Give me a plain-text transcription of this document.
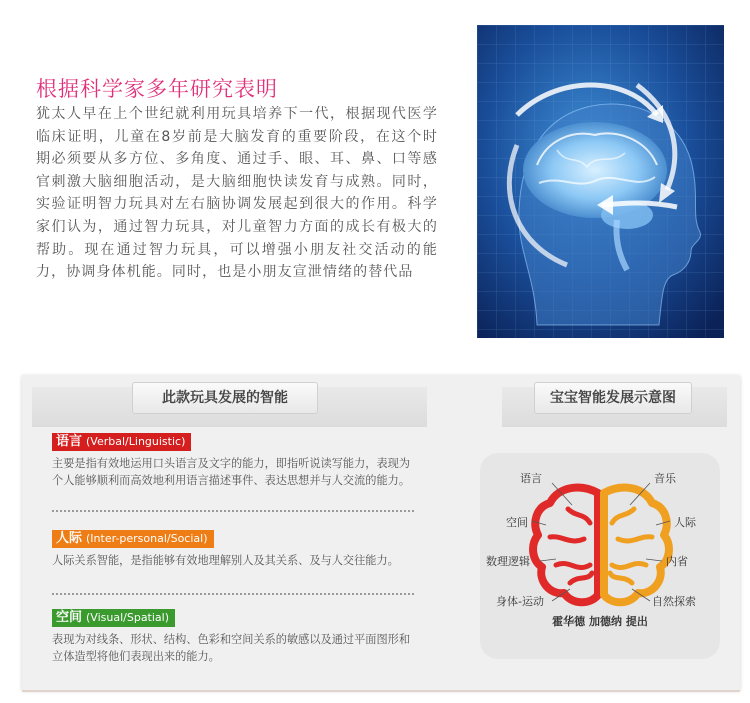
根据科学家多年研究表明
犹太人早在上个世纪就利用玩具培养下一代，根据现代医学临床证明，儿童在8岁前是大脑发育的重要阶段，在这个时期必须要从多方位、多角度、通过手、眼、耳、鼻、口等感官刺激大脑细胞活动，是大脑细胞快读发育与成熟。同时，实验证明智力玩具对左右脑协调发展起到很大的作用。科学家们认为，通过智力玩具，对儿童智力方面的成长有极大的帮助。现在通过智力玩具，可以增强小朋友社交活动的能力，协调身体机能。同时，也是小朋友宣泄情绪的替代品
此款玩具发展的智能	宝宝智能发展示意图
语言 (Verbal/Linguistic)
主要是指有效地运用口头语言及文字的能力，即指听说读写能力，表现为个人能够顺利而高效地利用语言描述事件、表达思想并与人交流的能力。
人际 (Inter-personal/Social)
人际关系智能，是指能够有效地理解别人及其关系、及与人交往能力。
空间 (Visual/Spatial)
表现为对线条、形状、结构、色彩和空间关系的敏感以及通过平面图形和立体造型将他们表现出来的能力。
语言
空间
数理逻辑
身体-运动
音乐
人际
内省
自然探索
霍华德 加德纳 提出
